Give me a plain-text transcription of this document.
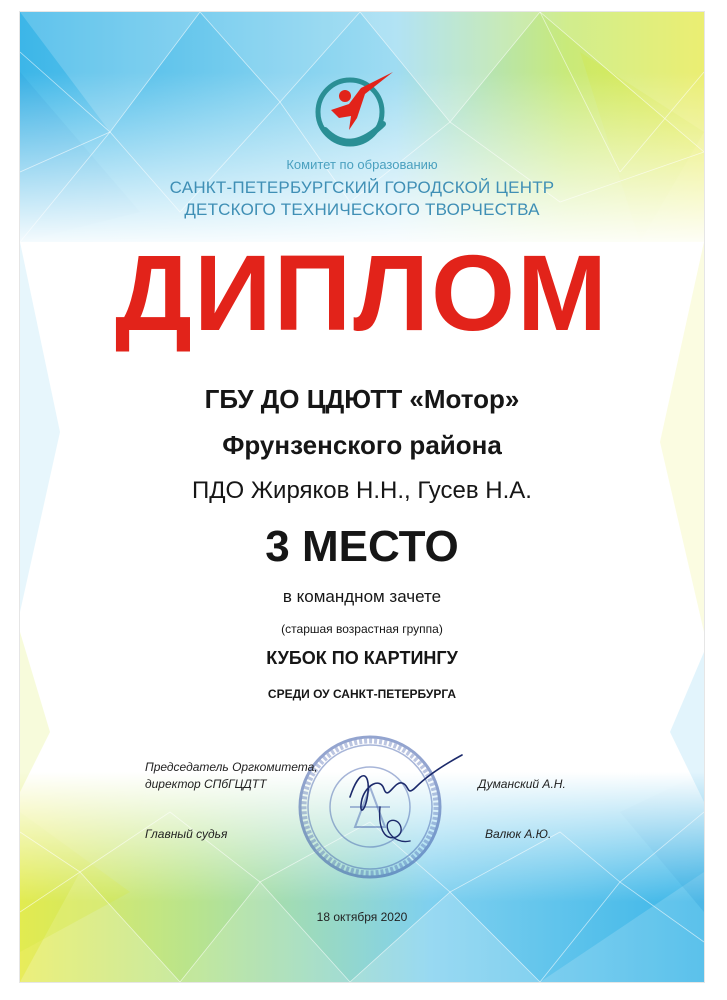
Комитет по образованию
САНКТ-ПЕТЕРБУРГСКИЙ ГОРОДСКОЙ ЦЕНТР
ДЕТСКОГО ТЕХНИЧЕСКОГО ТВОРЧЕСТВА
ДИПЛОМ
ГБУ ДО ЦДЮТТ «Мотор»
Фрунзенского района
ПДО Жиряков Н.Н., Гусев Н.А.
3 МЕСТО
в командном зачете
(старшая возрастная группа)
КУБОК ПО КАРТИНГУ
СРЕДИ ОУ САНКТ-ПЕТЕРБУРГА
Председатель Оргкомитета,
директор СПбГЦДТТ	Думанский А.Н.
Главный судья	Валюк А.Ю.
18 октября 2020
